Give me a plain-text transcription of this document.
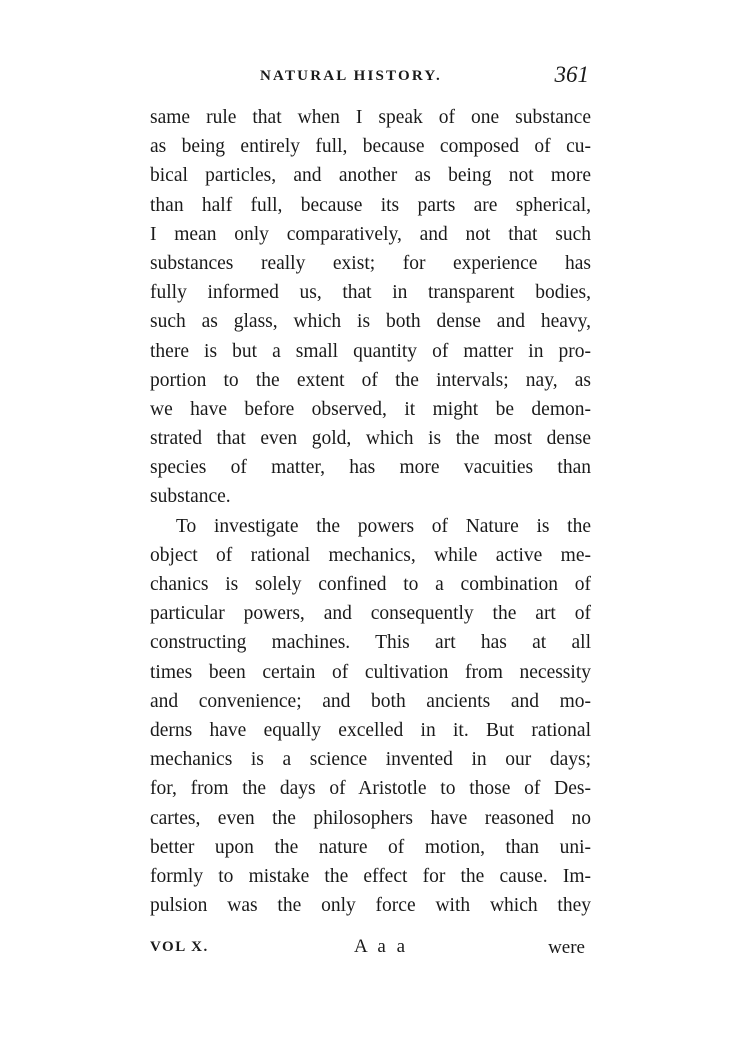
NATURAL HISTORY.	361
same rule that when I speak of one substance
as being entirely full, because composed of cu-
bical particles, and another as being not more
than half full, because its parts are spherical,
I mean only comparatively, and not that such
substances really exist; for experience has
fully informed us, that in transparent bodies,
such as glass, which is both dense and heavy,
there is but a small quantity of matter in pro-
portion to the extent of the intervals; nay, as
we have before observed, it might be demon-
strated that even gold, which is the most dense
species of matter, has more vacuities than
substance.
To investigate the powers of Nature is the
object of rational mechanics, while active me-
chanics is solely confined to a combination of
particular powers, and consequently the art of
constructing machines. This art has at all
times been certain of cultivation from necessity
and convenience; and both ancients and mo-
derns have equally excelled in it. But rational
mechanics is a science invented in our days;
for, from the days of Aristotle to those of Des-
cartes, even the philosophers have reasoned no
better upon the nature of motion, than uni-
formly to mistake the effect for the cause. Im-
pulsion was the only force with which they
VOL X.	A a a	were
